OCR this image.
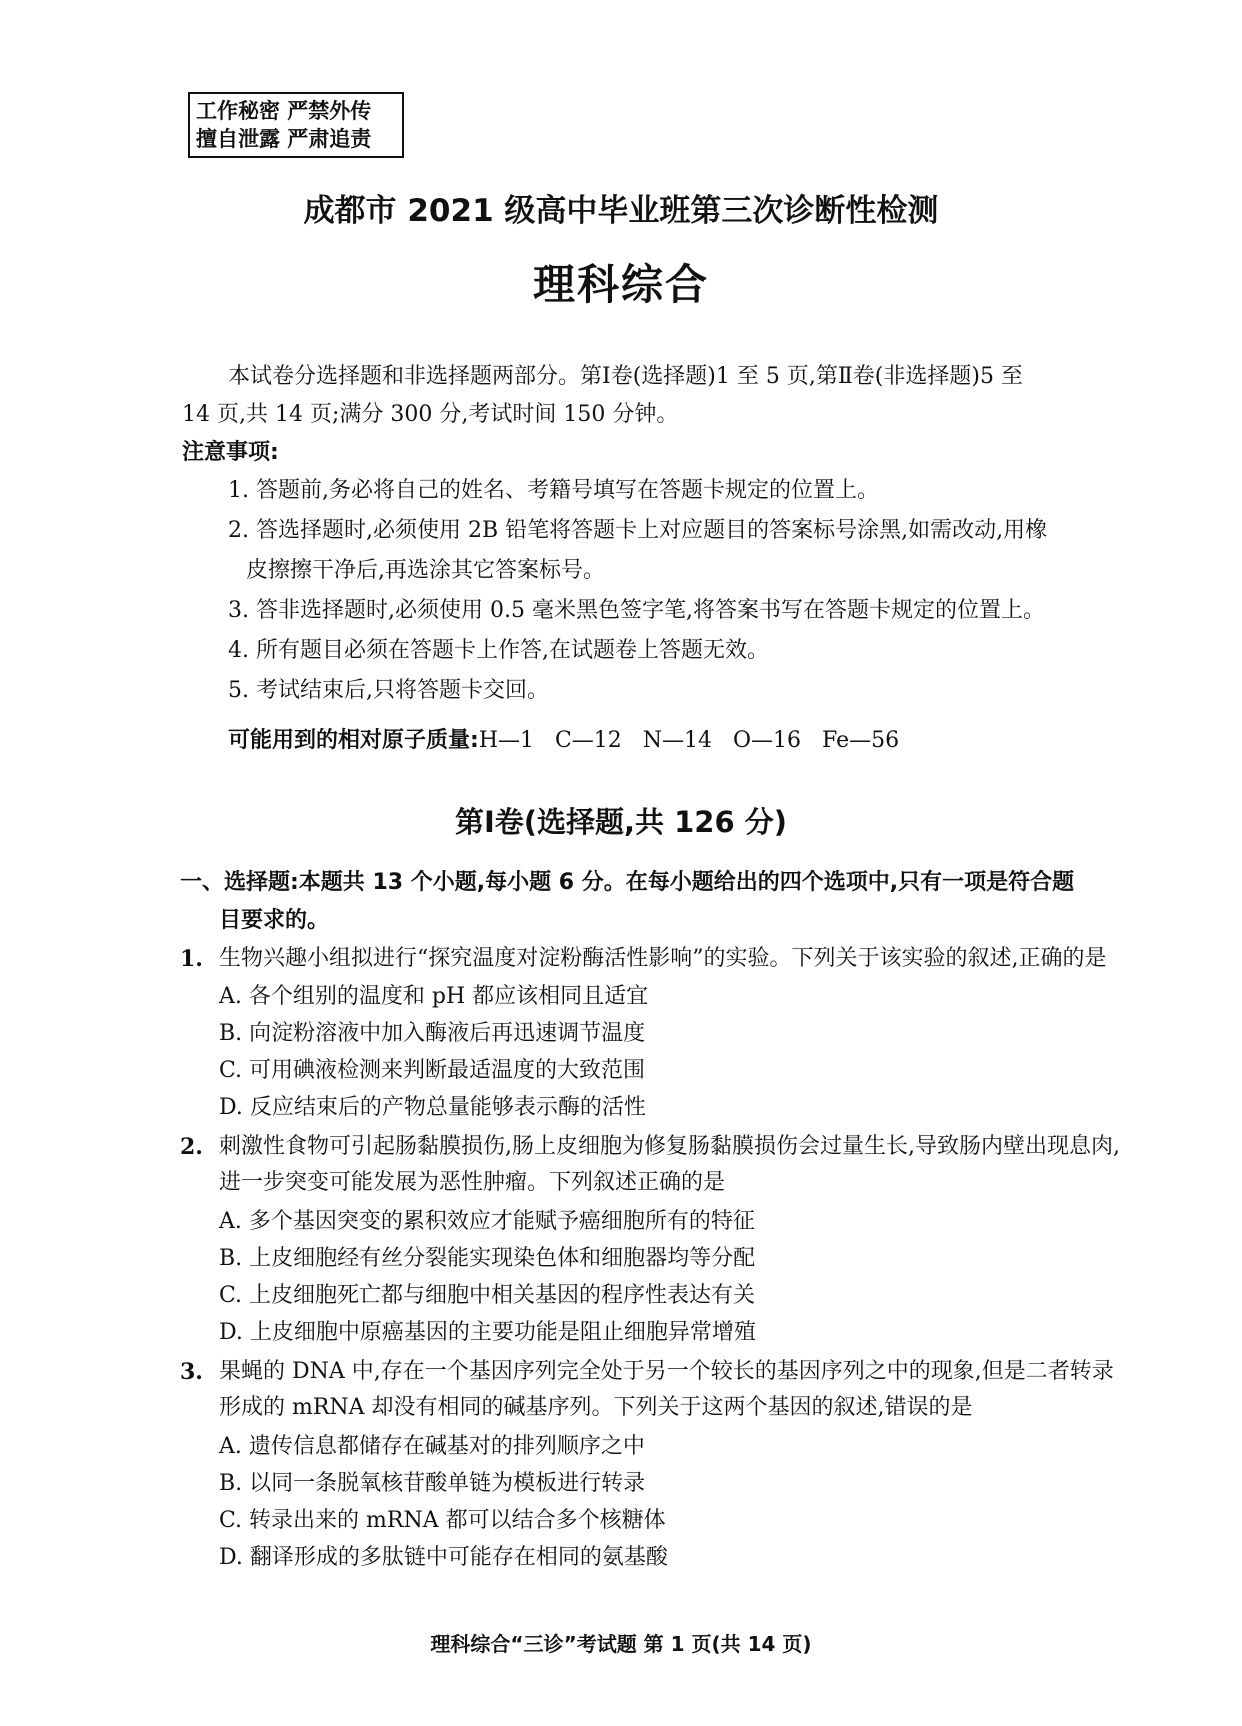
工作秘密 严禁外传
擅自泄露 严肃追责
成都市 2021 级高中毕业班第三次诊断性检测
理科综合
本试卷分选择题和非选择题两部分。第Ⅰ卷(选择题)1 至 5 页,第Ⅱ卷(非选择题)5 至
14 页,共 14 页;满分 300 分,考试时间 150 分钟。
注意事项:
1. 答题前,务必将自己的姓名、考籍号填写在答题卡规定的位置上。
2. 答选择题时,必须使用 2B 铅笔将答题卡上对应题目的答案标号涂黑,如需改动,用橡
皮擦擦干净后,再选涂其它答案标号。
3. 答非选择题时,必须使用 0.5 毫米黑色签字笔,将答案书写在答题卡规定的位置上。
4. 所有题目必须在答题卡上作答,在试题卷上答题无效。
5. 考试结束后,只将答题卡交回。
可能用到的相对原子质量:H—1   C—12   N—14   O—16   Fe—56
第Ⅰ卷(选择题,共 126 分)
一、选择题:本题共 13 个小题,每小题 6 分。在每小题给出的四个选项中,只有一项是符合题
目要求的。
1. 生物兴趣小组拟进行“探究温度对淀粉酶活性影响”的实验。下列关于该实验的叙述,正确的是
A. 各个组别的温度和 pH 都应该相同且适宜
B. 向淀粉溶液中加入酶液后再迅速调节温度
C. 可用碘液检测来判断最适温度的大致范围
D. 反应结束后的产物总量能够表示酶的活性
2. 刺激性食物可引起肠黏膜损伤,肠上皮细胞为修复肠黏膜损伤会过量生长,导致肠内壁出现息肉,进一步突变可能发展为恶性肿瘤。下列叙述正确的是
A. 多个基因突变的累积效应才能赋予癌细胞所有的特征
B. 上皮细胞经有丝分裂能实现染色体和细胞器均等分配
C. 上皮细胞死亡都与细胞中相关基因的程序性表达有关
D. 上皮细胞中原癌基因的主要功能是阻止细胞异常增殖
3. 果蝇的 DNA 中,存在一个基因序列完全处于另一个较长的基因序列之中的现象,但是二者转录形成的 mRNA 却没有相同的碱基序列。下列关于这两个基因的叙述,错误的是
A. 遗传信息都储存在碱基对的排列顺序之中
B. 以同一条脱氧核苷酸单链为模板进行转录
C. 转录出来的 mRNA 都可以结合多个核糖体
D. 翻译形成的多肽链中可能存在相同的氨基酸
理科综合“三诊”考试题 第 1 页(共 14 页)
